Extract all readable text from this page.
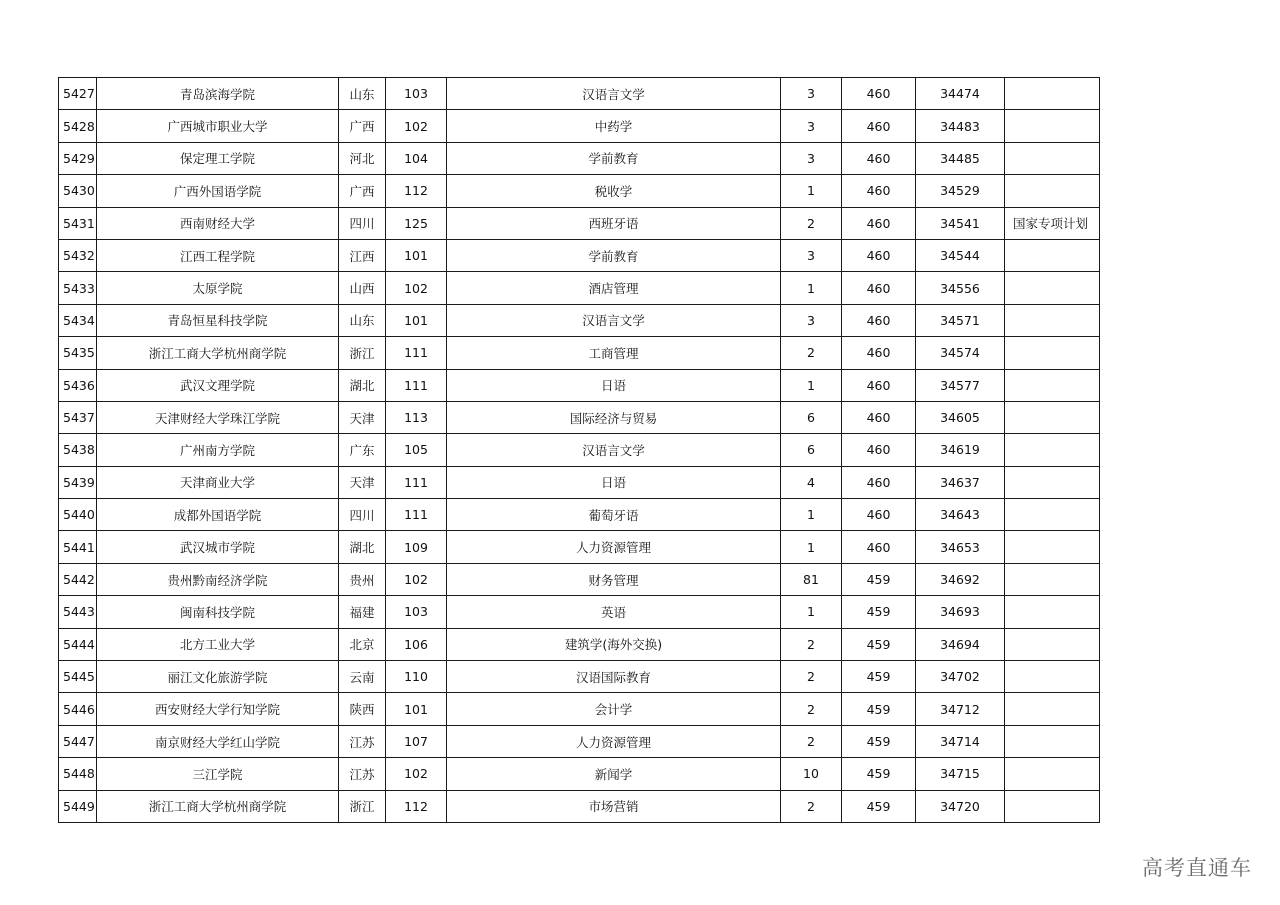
5427	青岛滨海学院	山东	103	汉语言文学	3	460	34474	
5428	广西城市职业大学	广西	102	中药学	3	460	34483	
5429	保定理工学院	河北	104	学前教育	3	460	34485	
5430	广西外国语学院	广西	112	税收学	1	460	34529	
5431	西南财经大学	四川	125	西班牙语	2	460	34541	国家专项计划
5432	江西工程学院	江西	101	学前教育	3	460	34544	
5433	太原学院	山西	102	酒店管理	1	460	34556	
5434	青岛恒星科技学院	山东	101	汉语言文学	3	460	34571	
5435	浙江工商大学杭州商学院	浙江	111	工商管理	2	460	34574	
5436	武汉文理学院	湖北	111	日语	1	460	34577	
5437	天津财经大学珠江学院	天津	113	国际经济与贸易	6	460	34605	
5438	广州南方学院	广东	105	汉语言文学	6	460	34619	
5439	天津商业大学	天津	111	日语	4	460	34637	
5440	成都外国语学院	四川	111	葡萄牙语	1	460	34643	
5441	武汉城市学院	湖北	109	人力资源管理	1	460	34653	
5442	贵州黔南经济学院	贵州	102	财务管理	81	459	34692	
5443	闽南科技学院	福建	103	英语	1	459	34693	
5444	北方工业大学	北京	106	建筑学(海外交换)	2	459	34694	
5445	丽江文化旅游学院	云南	110	汉语国际教育	2	459	34702	
5446	西安财经大学行知学院	陕西	101	会计学	2	459	34712	
5447	南京财经大学红山学院	江苏	107	人力资源管理	2	459	34714	
5448	三江学院	江苏	102	新闻学	10	459	34715	
5449	浙江工商大学杭州商学院	浙江	112	市场营销	2	459	34720	
高考直通车
